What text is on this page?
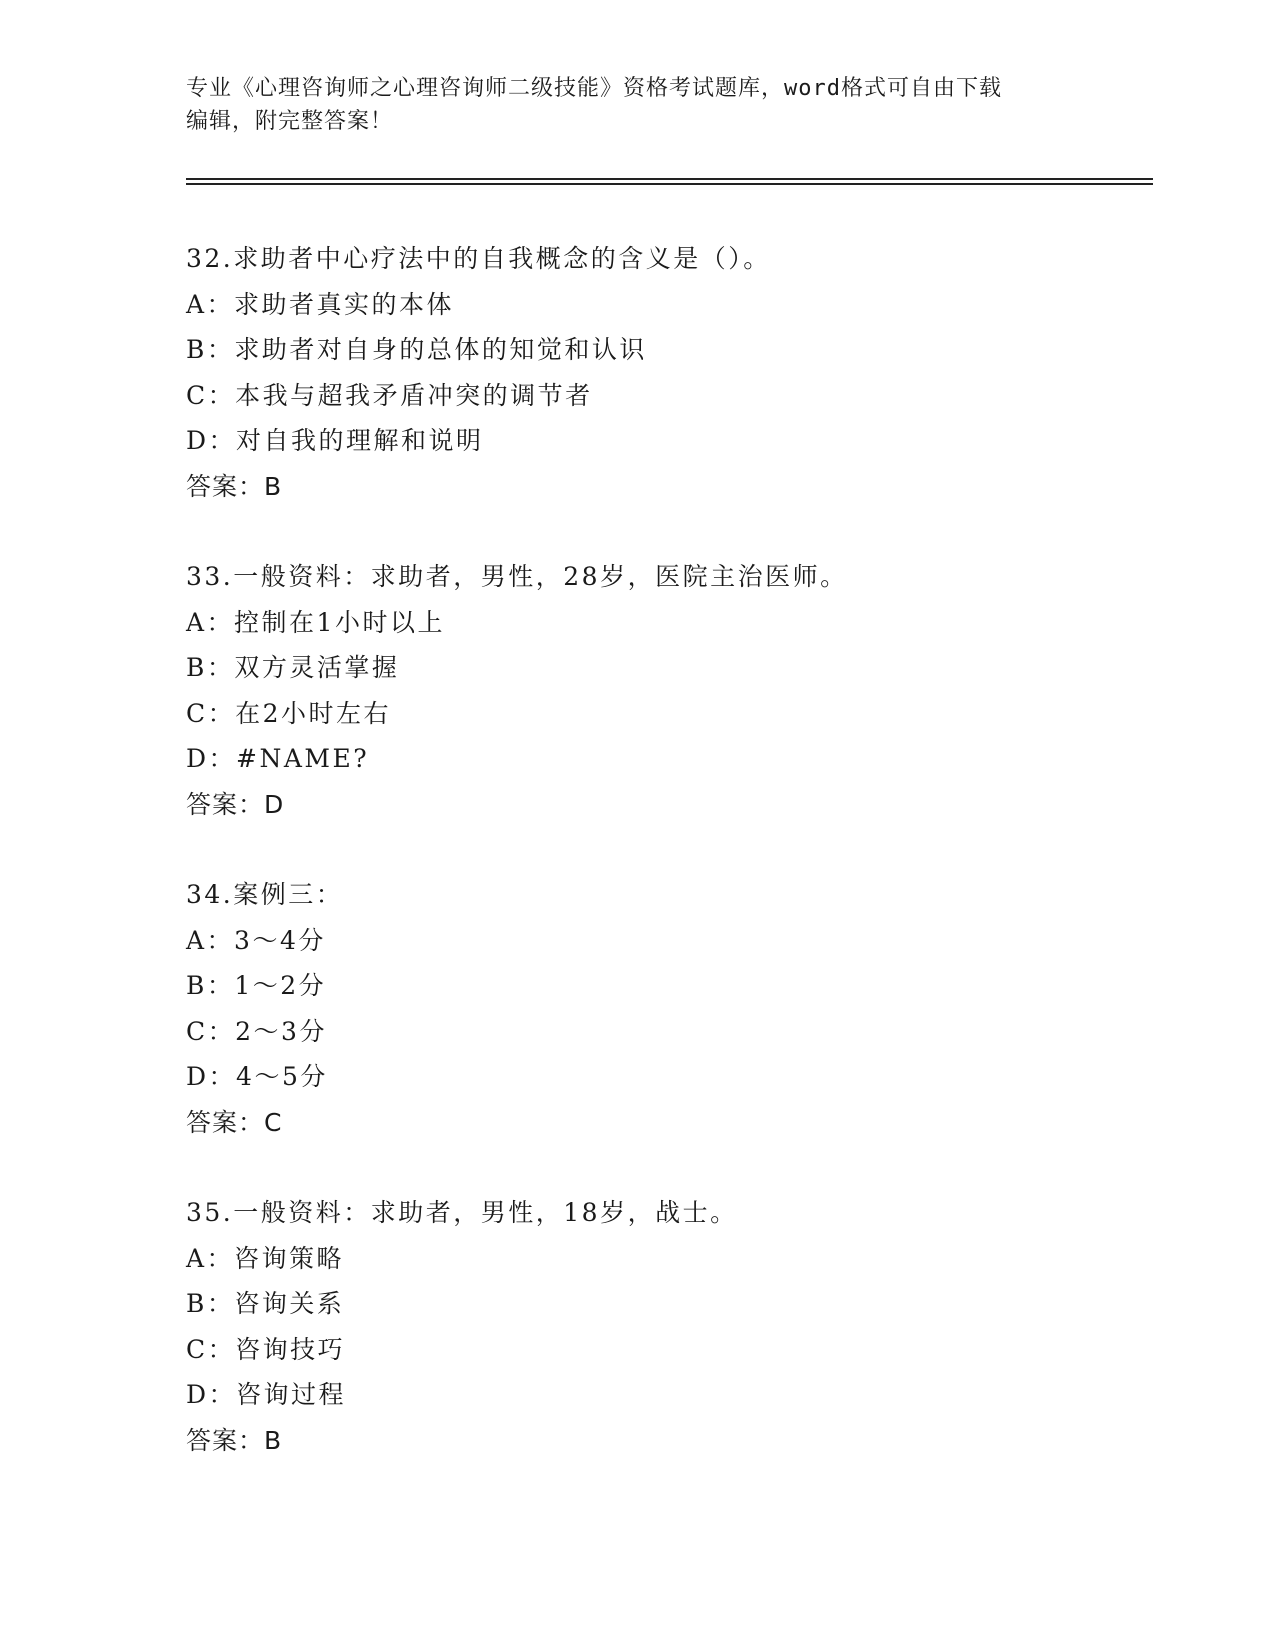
专业《心理咨询师之心理咨询师二级技能》资格考试题库，word格式可自由下载
编辑，附完整答案！
32.求助者中心疗法中的自我概念的含义是（）。
A：求助者真实的本体
B：求助者对自身的总体的知觉和认识
C：本我与超我矛盾冲突的调节者
D：对自我的理解和说明
答案：B
33.一般资料：求助者，男性，28岁，医院主治医师。
A：控制在1小时以上
B：双方灵活掌握
C：在2小时左右
D：#NAME?
答案：D
34.案例三：
A：3～4分
B：1～2分
C：2～3分
D：4～5分
答案：C
35.一般资料：求助者，男性，18岁，战士。
A：咨询策略
B：咨询关系
C：咨询技巧
D：咨询过程
答案：B
